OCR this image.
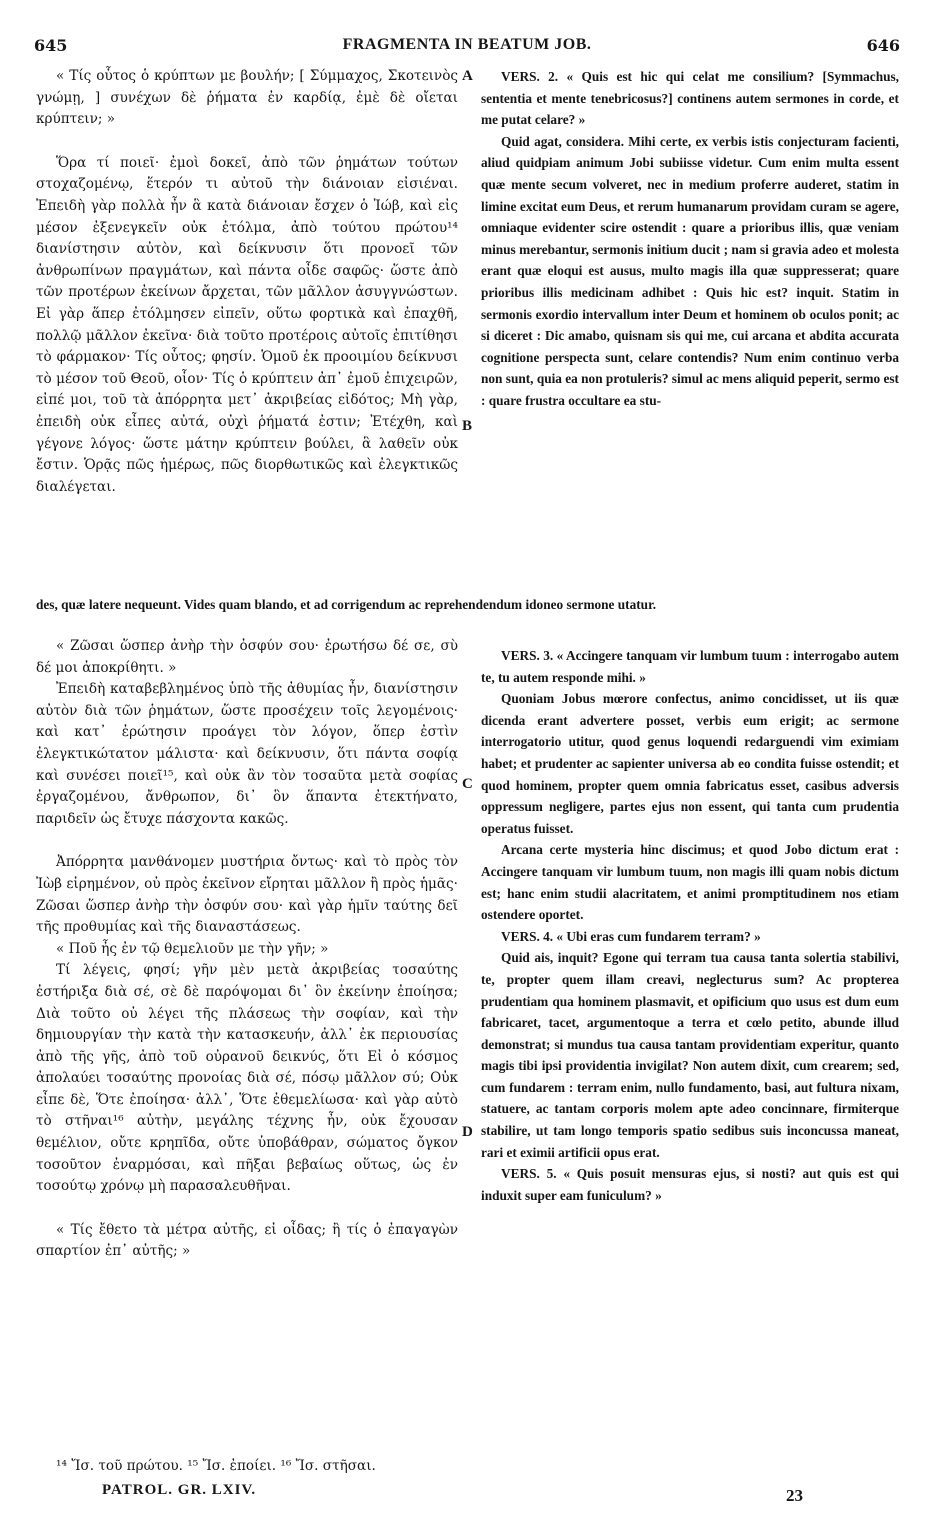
645	FRAGMENTA IN BEATUM JOB.	646
A
B
C
D

« Τίς οὗτος ὁ κρύπτων με βουλήν; [ Σύμμαχος, Σκοτεινὸς γνώμῃ, ] συνέχων δὲ ῥήματα ἐν καρδίᾳ, ἐμὲ δὲ οἴεται κρύπτειν; »

Ὅρα τί ποιεῖ· ἐμοὶ δοκεῖ, ἀπὸ τῶν ῥημάτων τούτων στοχαζομένῳ, ἕτερόν τι αὐτοῦ τὴν διάνοιαν εἰσιέναι. Ἐπειδὴ γὰρ πολλὰ ἦν ἃ κατὰ διάνοιαν ἔσχεν ὁ Ἰώβ, καὶ εἰς μέσον ἐξενεγκεῖν οὐκ ἐτόλμα, ἀπὸ τούτου πρώτου¹⁴ διανίστησιν αὐτὸν, καὶ δείκνυσιν ὅτι προνοεῖ τῶν ἀνθρωπίνων πραγμάτων, καὶ πάντα οἶδε σαφῶς· ὥστε ἀπὸ τῶν προτέρων ἐκείνων ἄρχεται, τῶν μᾶλλον ἀσυγγνώστων. Εἰ γὰρ ἅπερ ἐτόλμησεν εἰπεῖν, οὕτω φορτικὰ καὶ ἐπαχθῆ, πολλῷ μᾶλλον ἐκεῖνα· διὰ τοῦτο προτέροις αὐτοῖς ἐπιτίθησι τὸ φάρμακον· Τίς οὗτος; φησίν. Ὁμοῦ ἐκ προοιμίου δείκνυσι τὸ μέσον τοῦ Θεοῦ, οἷον· Τίς ὁ κρύπτειν ἀπ᾽ ἐμοῦ ἐπιχειρῶν, εἰπέ μοι, τοῦ τὰ ἀπόρρητα μετ᾽ ἀκριβείας εἰδότος; Μὴ γὰρ, ἐπειδὴ οὐκ εἶπες αὐτά, οὐχὶ ῥήματά ἐστιν; Ἐτέχθη, καὶ γέγονε λόγος· ὥστε μάτην κρύπτειν βούλει, ἃ λαθεῖν οὐκ ἔστιν. Ὁρᾷς πῶς ἡμέρως, πῶς διορθωτικῶς καὶ ἐλεγκτικῶς διαλέγεται.

VERS. 2. « Quis est hic qui celat me consilium? [Symmachus, sententia et mente tenebricosus?] continens autem sermones in corde, et me putat celare? »

Quid agat, considera. Mihi certe, ex verbis istis conjecturam facienti, aliud quidpiam animum Jobi subiisse videtur. Cum enim multa essent quæ mente secum volveret, nec in medium proferre auderet, statim in limine excitat eum Deus, et rerum humanarum providam curam se agere, omniaque evidenter scire ostendit : quare a prioribus illis, quæ veniam minus merebantur, sermonis initium ducit ; nam si gravia adeo et molesta erant quæ eloqui est ausus, multo magis illa quæ suppresserat; quare prioribus illis medicinam adhibet : Quis hic est? inquit. Statim in sermonis exordio intervallum inter Deum et hominem ob oculos ponit; ac si diceret : Dic amabo, quisnam sis qui me, cui arcana et abdita accurata cognitione perspecta sunt, celare contendis? Num enim continuo verba non sunt, quia ea non protuleris? simul ac mens aliquid peperit, sermo est : quare frustra occultare ea stu-

des, quæ latere nequeunt. Vides quam blando, et ad corrigendum ac reprehendendum idoneo sermone utatur.

« Ζῶσαι ὥσπερ ἀνὴρ τὴν ὀσφύν σου· ἐρωτήσω δέ σε, σὺ δέ μοι ἀποκρίθητι. »

Ἐπειδὴ καταβεβλημένος ὑπὸ τῆς ἀθυμίας ἦν, διανίστησιν αὐτὸν διὰ τῶν ῥημάτων, ὥστε προσέχειν τοῖς λεγομένοις· καὶ κατ᾽ ἐρώτησιν προάγει τὸν λόγον, ὅπερ ἐστὶν ἐλεγκτικώτατον μάλιστα· καὶ δείκνυσιν, ὅτι πάντα σοφίᾳ καὶ συνέσει ποιεῖ¹⁵, καὶ οὐκ ἂν τὸν τοσαῦτα μετὰ σοφίας ἐργαζομένου, ἄνθρωπον, δι᾽ ὃν ἅπαντα ἐτεκτήνατο, παριδεῖν ὡς ἔτυχε πάσχοντα κακῶς.

Ἀπόρρητα μανθάνομεν μυστήρια ὄντως· καὶ τὸ πρὸς τὸν Ἰὼβ εἰρημένον, οὐ πρὸς ἐκεῖνον εἴρηται μᾶλλον ἢ πρὸς ἡμᾶς· Ζῶσαι ὥσπερ ἀνὴρ τὴν ὀσφύν σου· καὶ γὰρ ἡμῖν ταύτης δεῖ τῆς προθυμίας καὶ τῆς διαναστάσεως.

« Ποῦ ἦς ἐν τῷ θεμελιοῦν με τὴν γῆν; »

Τί λέγεις, φησί; γῆν μὲν μετὰ ἀκριβείας τοσαύτης ἐστήριξα διὰ σέ, σὲ δὲ παρόψομαι δι᾽ ὃν ἐκείνην ἐποίησα; Διὰ τοῦτο οὐ λέγει τῆς πλάσεως τὴν σοφίαν, καὶ τὴν δημιουργίαν τὴν κατὰ τὴν κατασκευήν, ἀλλ᾽ ἐκ περιουσίας ἀπὸ τῆς γῆς, ἀπὸ τοῦ οὐρανοῦ δεικνύς, ὅτι Εἰ ὁ κόσμος ἀπολαύει τοσαύτης προνοίας διὰ σέ, πόσῳ μᾶλλον σύ; Οὐκ εἶπε δὲ, Ὅτε ἐποίησα· ἀλλ᾽, Ὅτε ἐθεμελίωσα· καὶ γὰρ αὐτὸ τὸ στῆναι¹⁶ αὐτὴν, μεγάλης τέχνης ἦν, οὐκ ἔχουσαν θεμέλιον, οὔτε κρηπῖδα, οὔτε ὑποβάθραν, σώματος ὄγκον τοσοῦτον ἐναρμόσαι, καὶ πῆξαι βεβαίως οὕτως, ὡς ἐν τοσούτῳ χρόνῳ μὴ παρασαλευθῆναι.

« Τίς ἔθετο τὰ μέτρα αὐτῆς, εἰ οἶδας; ἢ τίς ὁ ἐπαγαγὼν σπαρτίον ἐπ᾽ αὐτῆς; »

VERS. 3. « Accingere tanquam vir lumbum tuum : interrogabo autem te, tu autem responde mihi. »

Quoniam Jobus mœrore confectus, animo concidisset, ut iis quæ dicenda erant advertere posset, verbis eum erigit; ac sermone interrogatorio utitur, quod genus loquendi redarguendi vim eximiam habet; et prudenter ac sapienter universa ab eo condita fuisse ostendit; et quod hominem, propter quem omnia fabricatus esset, casibus adversis oppressum negligere, partes ejus non essent, qui tanta cum prudentia operatus fuisset.

Arcana certe mysteria hinc discimus; et quod Jobo dictum erat : Accingere tanquam vir lumbum tuum, non magis illi quam nobis dictum est; hanc enim studii alacritatem, et animi promptitudinem nos etiam ostendere oportet.

VERS. 4. « Ubi eras cum fundarem terram? »

Quid ais, inquit? Egone qui terram tua causa tanta solertia stabilivi, te, propter quem illam creavi, neglecturus sum? Ac propterea prudentiam qua hominem plasmavit, et opificium quo usus est dum eum fabricaret, tacet, argumentoque a terra et cœlo petito, abunde illud demonstrat; si mundus tua causa tantam providentiam experitur, quanto magis tibi ipsi providentia invigilat? Non autem dixit, cum crearem; sed, cum fundarem : terram enim, nullo fundamento, basi, aut fultura nixam, statuere, ac tantam corporis molem apte adeo concinnare, firmiterque stabilire, ut tam longo temporis spatio sedibus suis inconcussa maneat, rari et eximii artificii opus erat.

VERS. 5. « Quis posuit mensuras ejus, si nosti? aut quis est qui induxit super eam funiculum? »

¹⁴ Ἴσ. τοῦ πρώτου. ¹⁵ Ἴσ. ἐποίει. ¹⁶ Ἴσ. στῆσαι.
PATROL. GR. LXIV.	23
